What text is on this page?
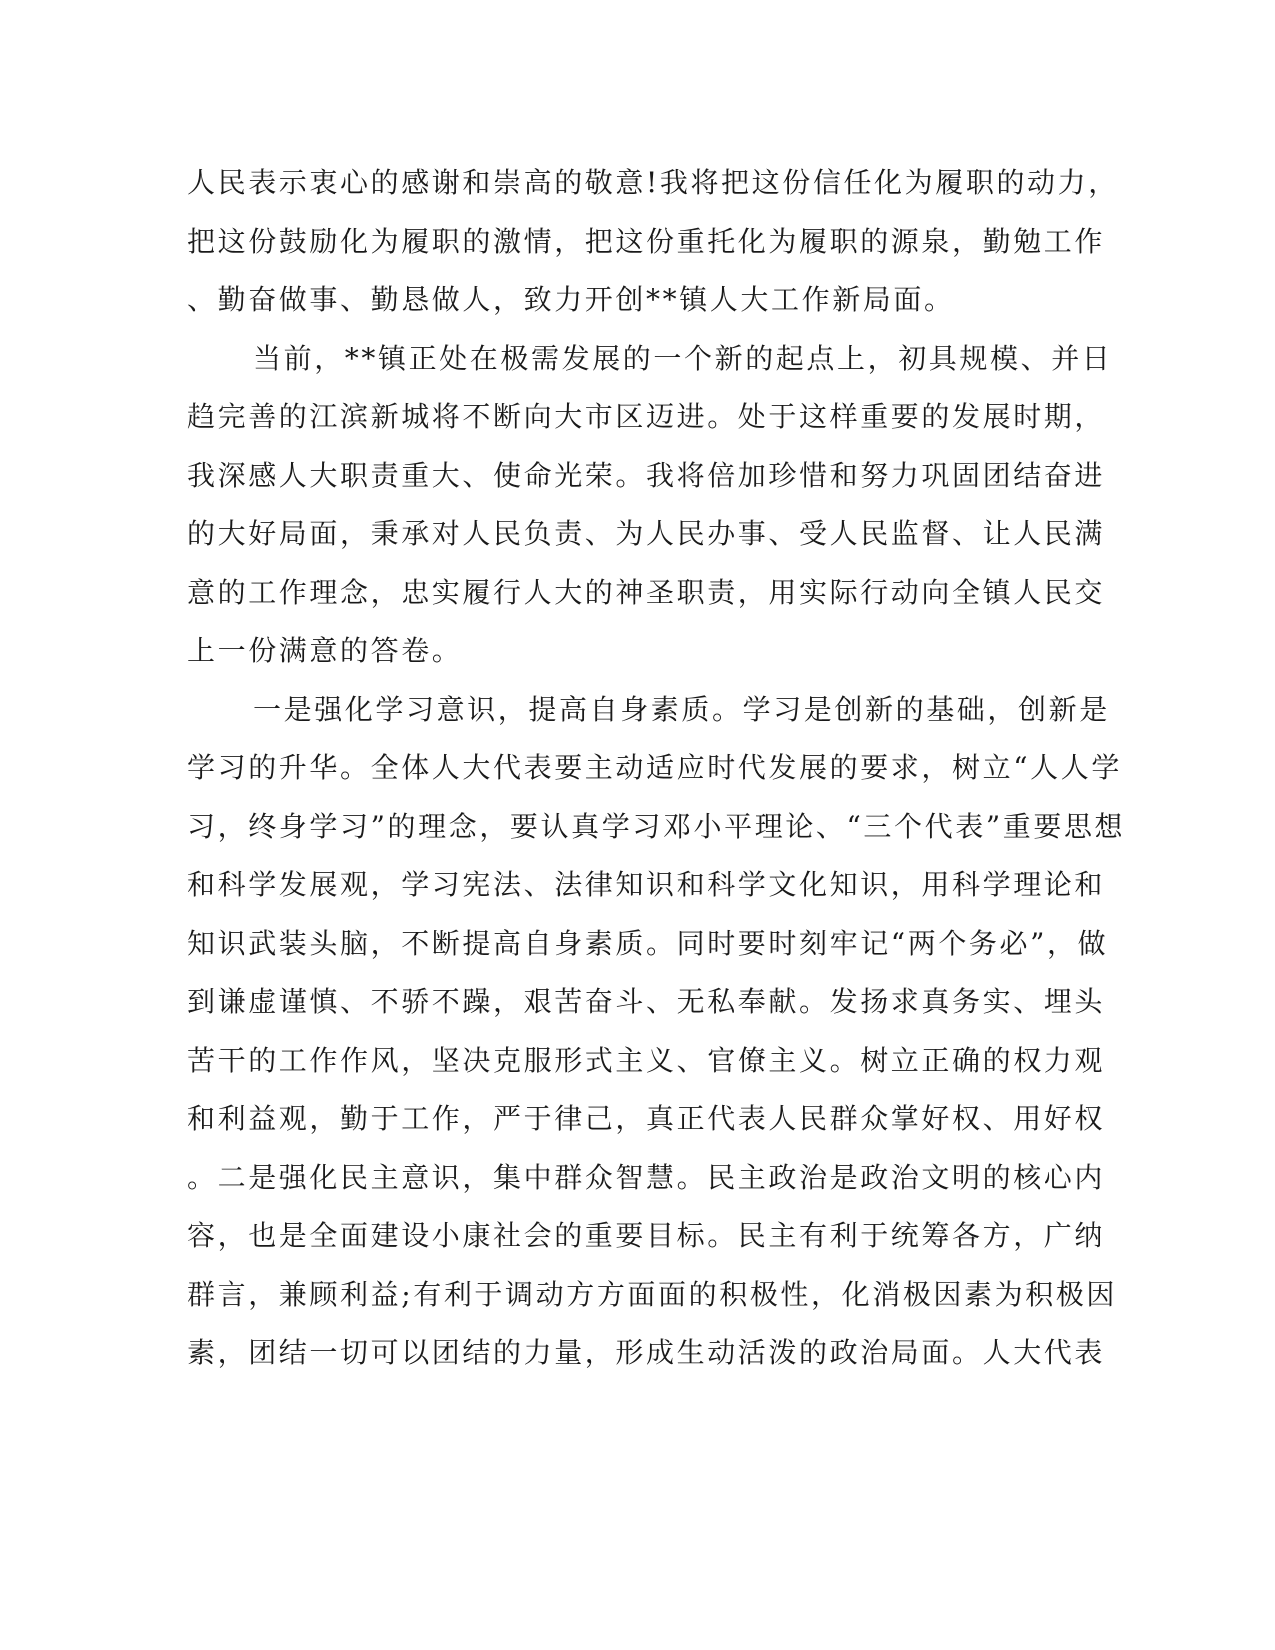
人民表示衷心的感谢和崇高的敬意!我将把这份信任化为履职的动力，
把这份鼓励化为履职的激情，把这份重托化为履职的源泉，勤勉工作
、勤奋做事、勤恳做人，致力开创**镇人大工作新局面。
当前，**镇正处在极需发展的一个新的起点上，初具规模、并日
趋完善的江滨新城将不断向大市区迈进。处于这样重要的发展时期，
我深感人大职责重大、使命光荣。我将倍加珍惜和努力巩固团结奋进
的大好局面，秉承对人民负责、为人民办事、受人民监督、让人民满
意的工作理念，忠实履行人大的神圣职责，用实际行动向全镇人民交
上一份满意的答卷。
一是强化学习意识，提高自身素质。学习是创新的基础，创新是
学习的升华。全体人大代表要主动适应时代发展的要求，树立“人人学
习，终身学习”的理念，要认真学习邓小平理论、“三个代表”重要思想
和科学发展观，学习宪法、法律知识和科学文化知识，用科学理论和
知识武装头脑，不断提高自身素质。同时要时刻牢记“两个务必”，做
到谦虚谨慎、不骄不躁，艰苦奋斗、无私奉献。发扬求真务实、埋头
苦干的工作作风，坚决克服形式主义、官僚主义。树立正确的权力观
和利益观，勤于工作，严于律己，真正代表人民群众掌好权、用好权
。二是强化民主意识，集中群众智慧。民主政治是政治文明的核心内
容，也是全面建设小康社会的重要目标。民主有利于统筹各方，广纳
群言，兼顾利益;有利于调动方方面面的积极性，化消极因素为积极因
素，团结一切可以团结的力量，形成生动活泼的政治局面。人大代表
